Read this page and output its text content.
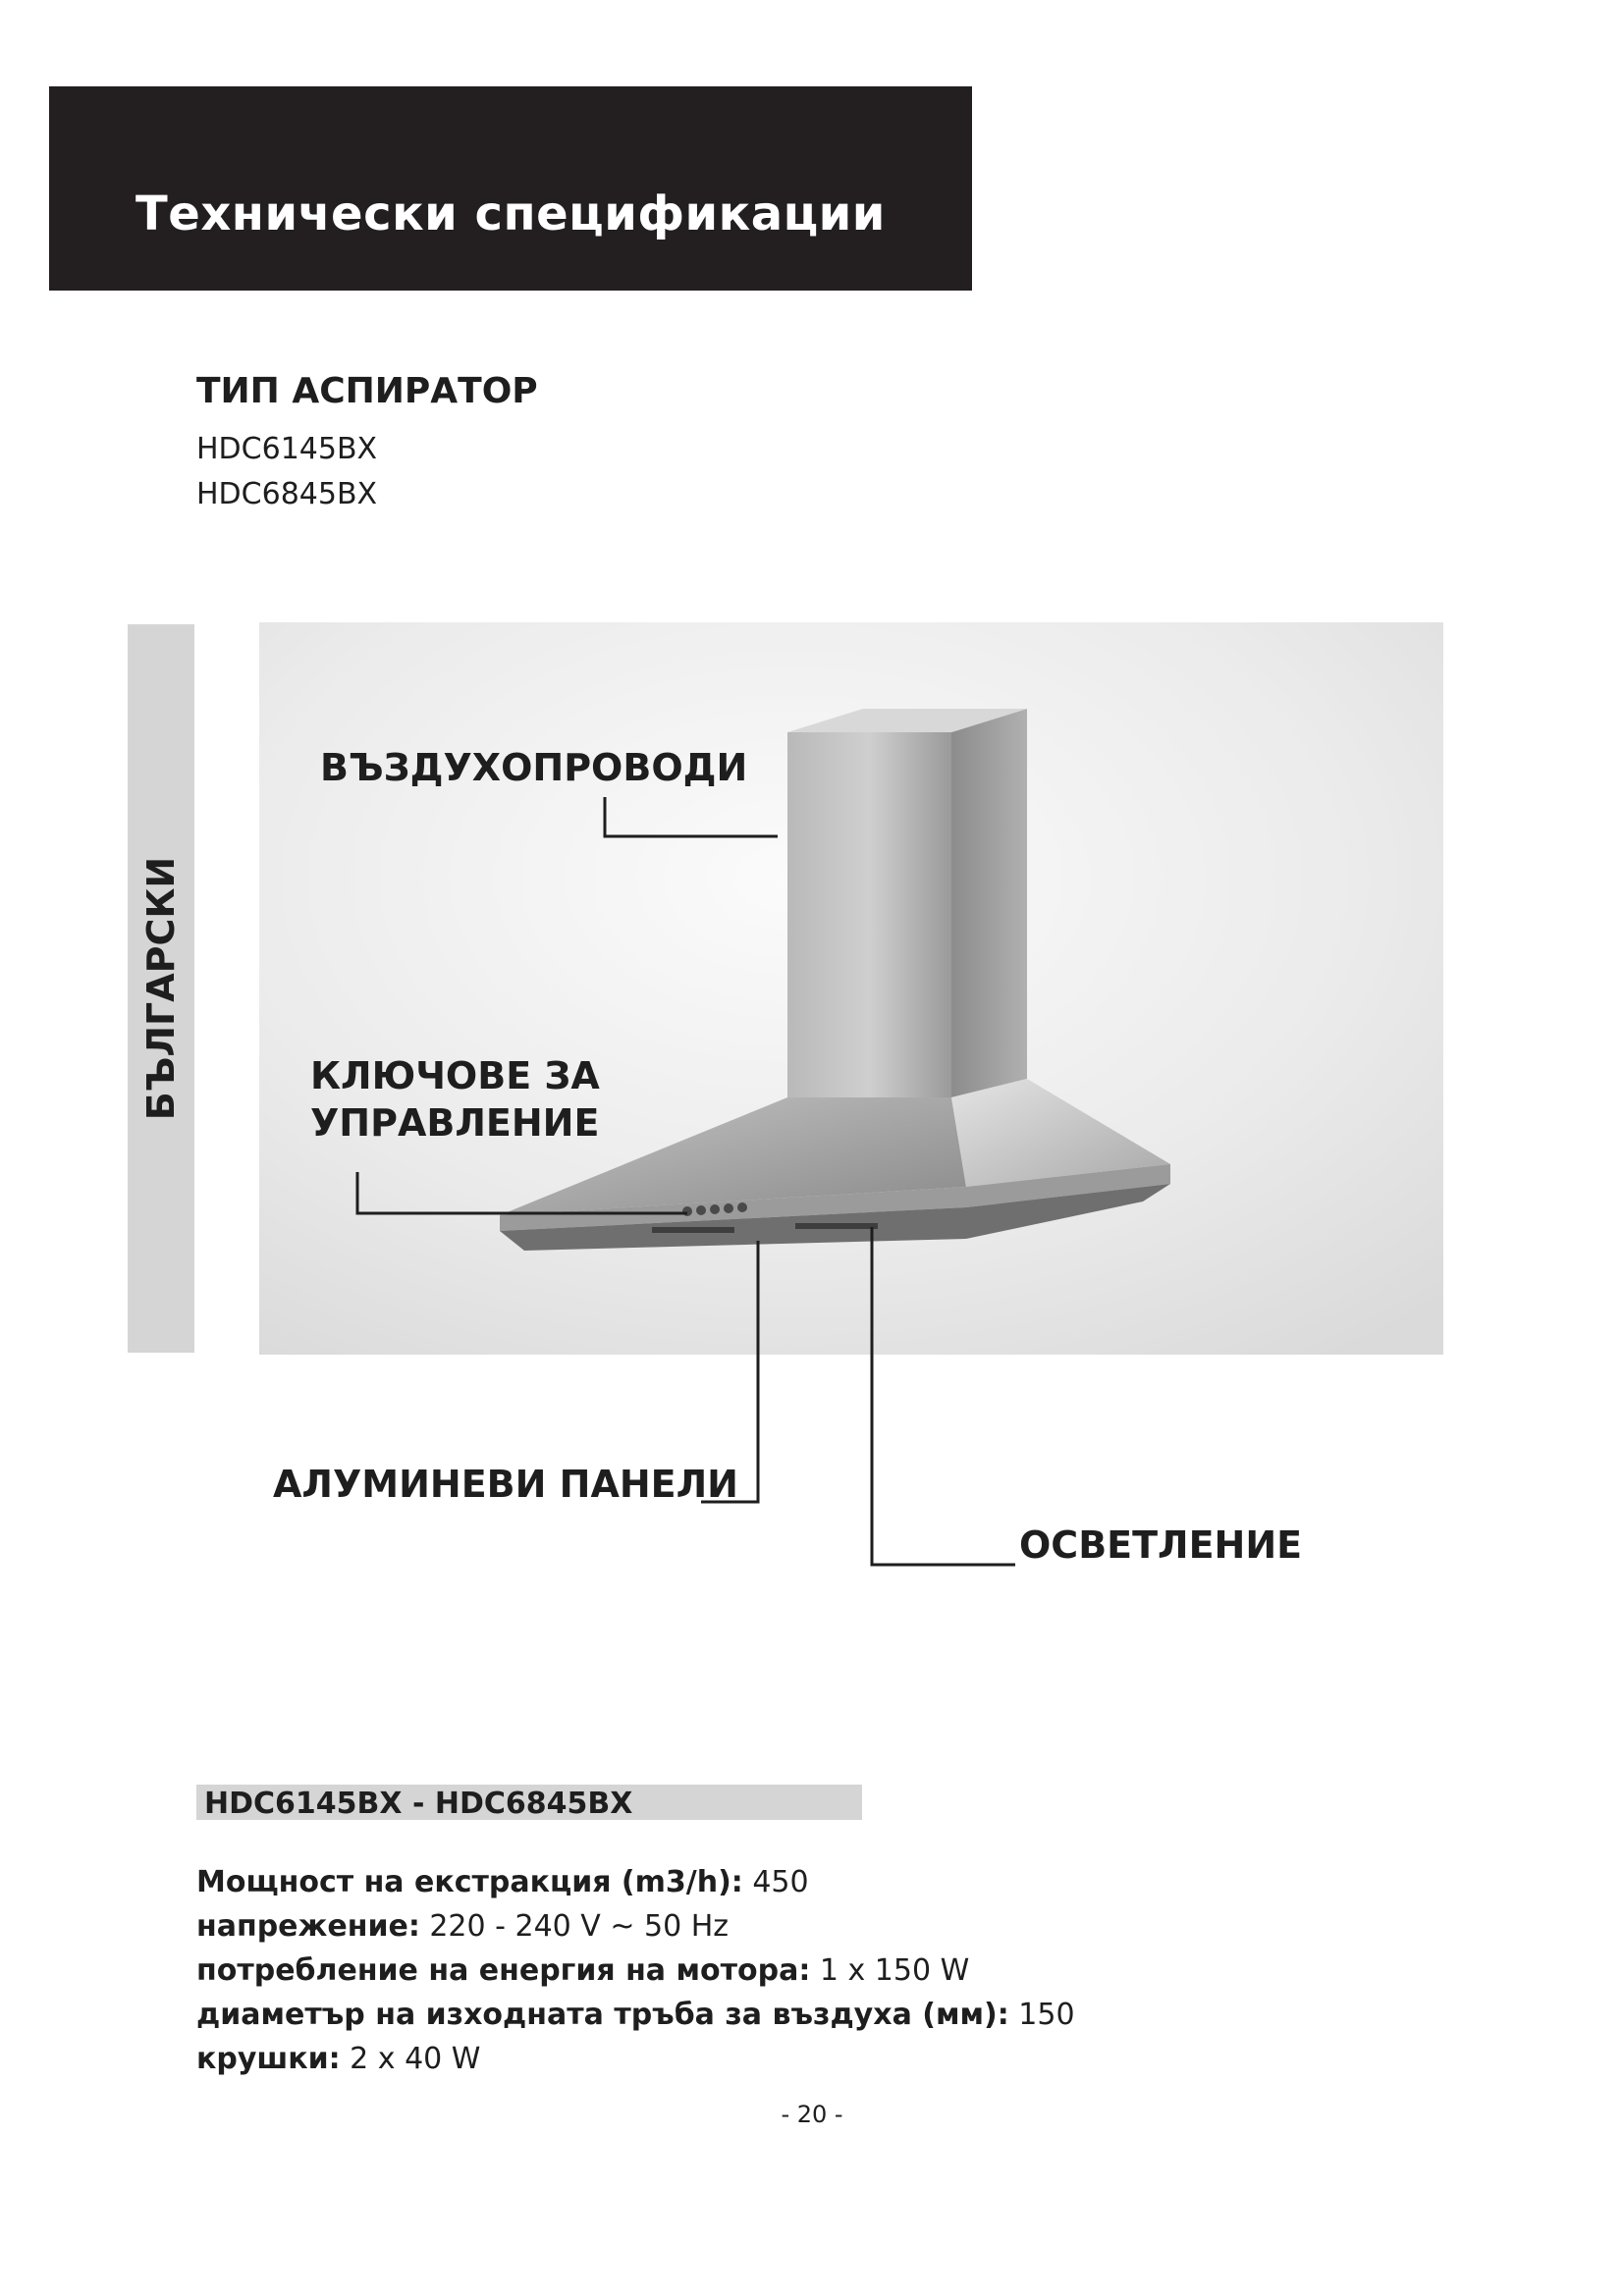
Технически спецификации
ТИП АСПИРАТОР
HDC6145BX
HDC6845BX
БЪЛГАРСКИ
ВЪЗДУХОПРОВОДИ
КЛЮЧОВЕ ЗА
УПРАВЛЕНИЕ
АЛУМИНЕВИ ПАНЕЛИ
ОСВЕТЛЕНИЕ
HDC6145BX - HDC6845BX
Мощност на екстракция (m3/h): 450
напрежение: 220 - 240 V ~ 50 Hz
потребление на енергия на мотора: 1 x 150 W
диаметър на изходната тръба за въздуха (мм): 150
крушки: 2 x 40 W
- 20 -
